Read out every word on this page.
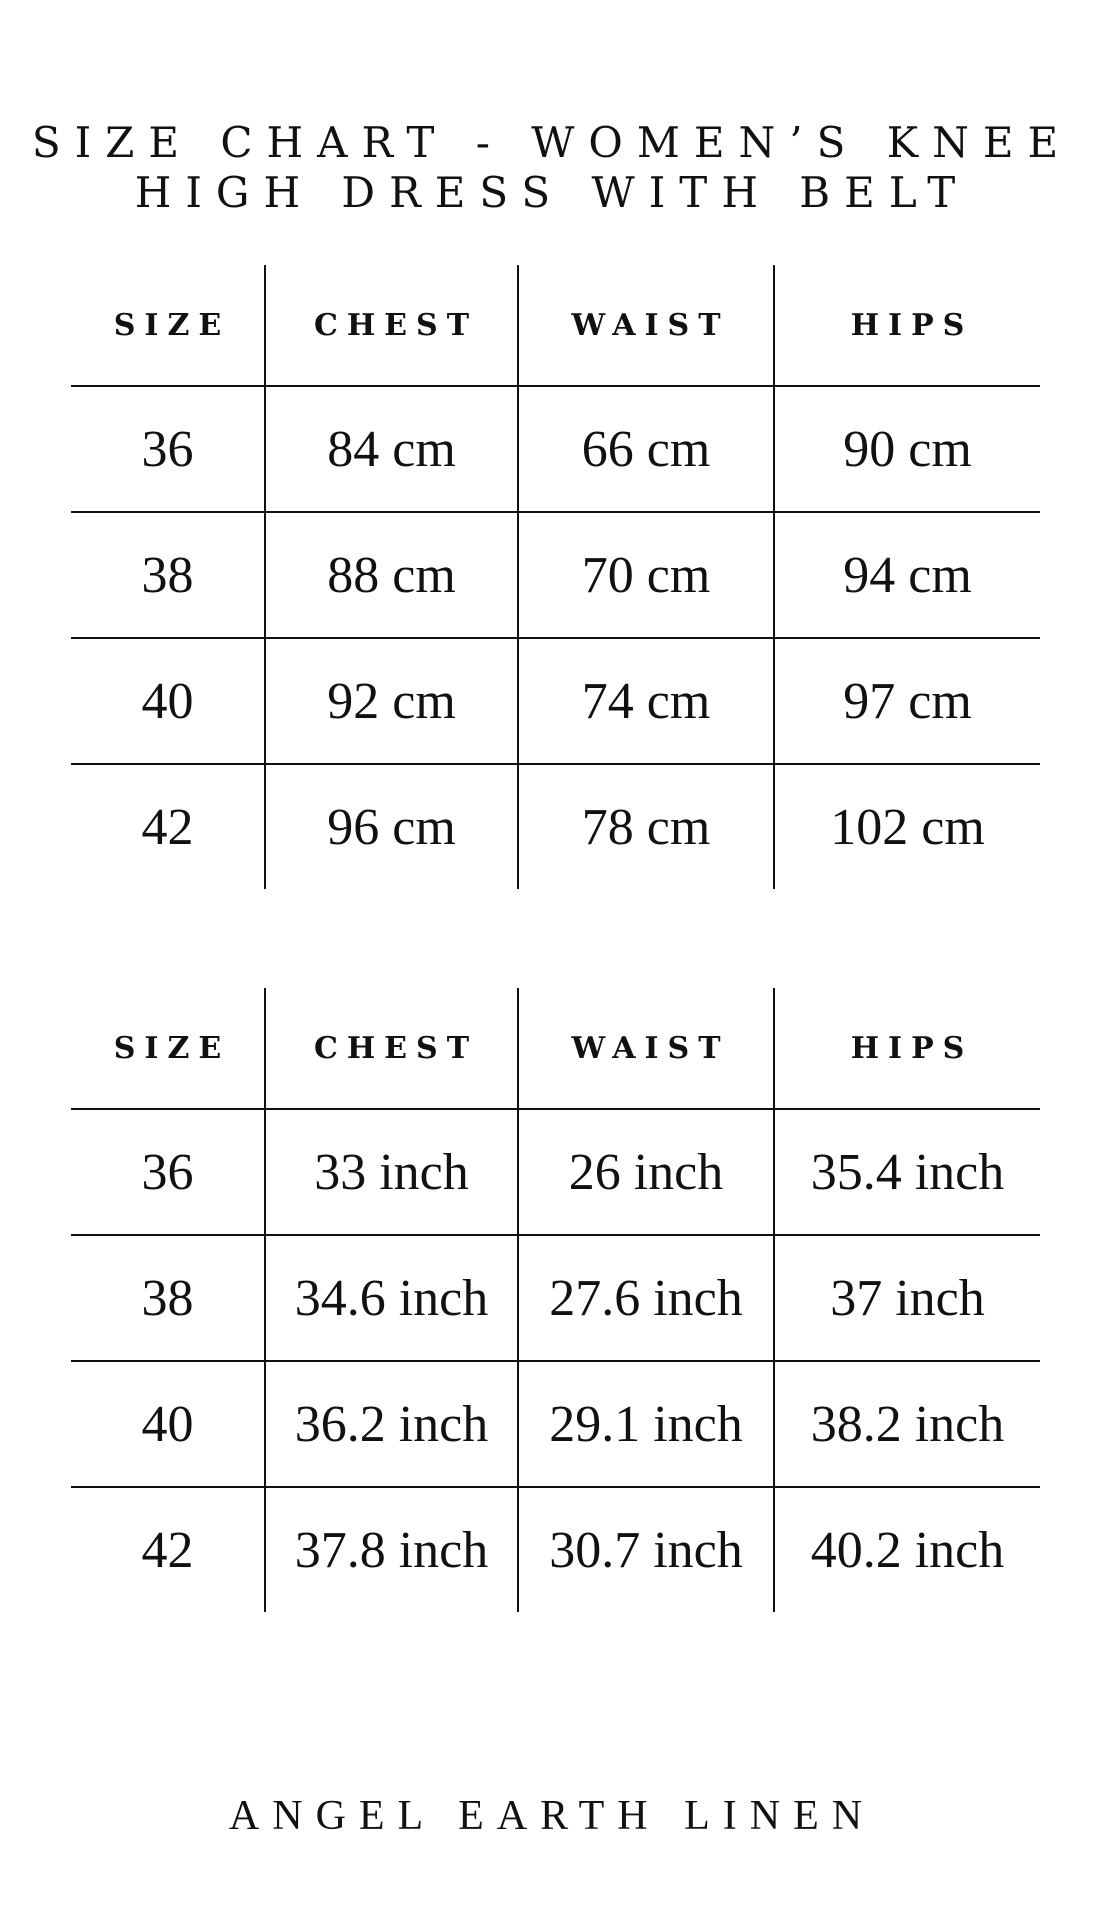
SIZE CHART - WOMEN’S KNEE
HIGH DRESS WITH BELT
SIZE	CHEST	WAIST	HIPS
36	84 cm	66 cm	90 cm
38	88 cm	70 cm	94 cm
40	92 cm	74 cm	97 cm
42	96 cm	78 cm	102 cm
SIZE	CHEST	WAIST	HIPS
36	33 inch	26 inch	35.4 inch
38	34.6 inch	27.6 inch	37 inch
40	36.2 inch	29.1 inch	38.2 inch
42	37.8 inch	30.7 inch	40.2 inch
ANGEL EARTH LINEN
